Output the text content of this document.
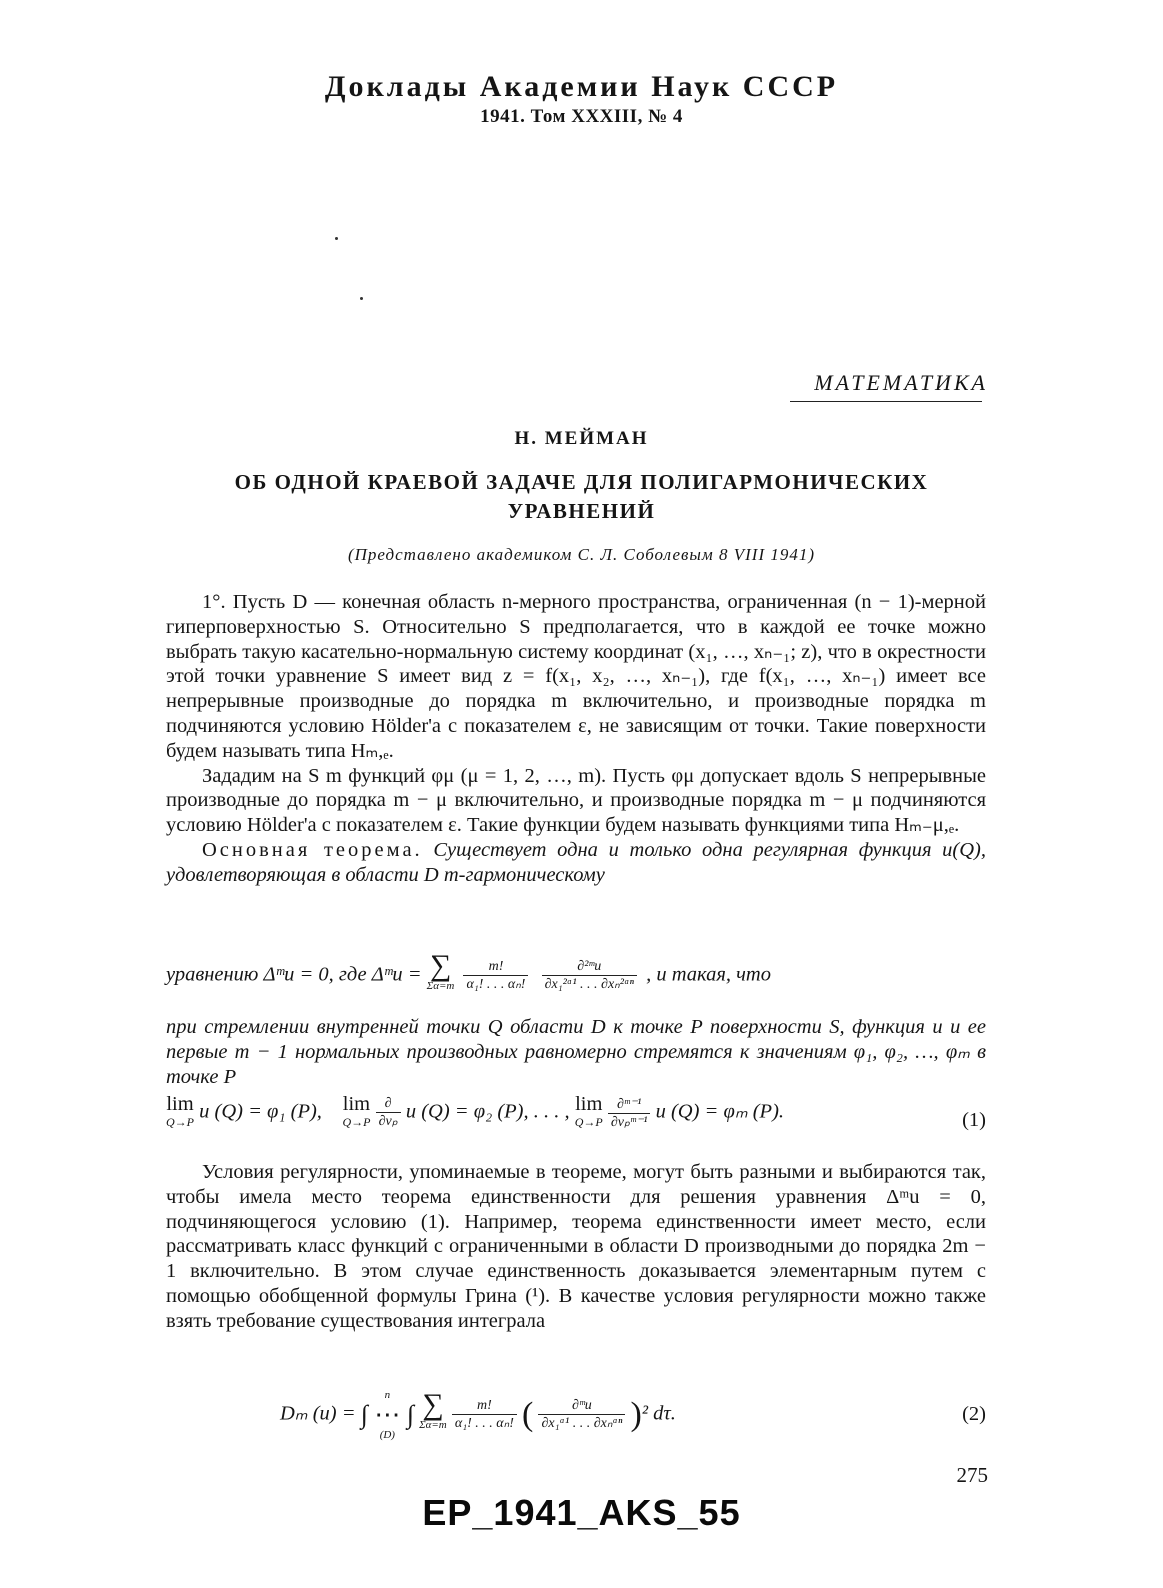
Доклады Академии Наук СССР
1941. Том XXXIII, № 4
МАТЕМАТИКА
Н. МЕЙМАН
ОБ ОДНОЙ КРАЕВОЙ ЗАДАЧЕ ДЛЯ ПОЛИГАРМОНИЧЕСКИХ
УРАВНЕНИЙ
(Представлено академиком С. Л. Соболевым 8 VIII 1941)

1°. Пусть D — конечная область n-мерного пространства, ограниченная (n − 1)-мерной гиперповерхностью S. Относительно S предполагается, что в каждой ее точке можно выбрать такую касательно-нормальную систему координат (x₁, …, xₙ₋₁; z), что в окрестности этой точки уравнение S имеет вид z = f(x₁, x₂, …, xₙ₋₁), где f(x₁, …, xₙ₋₁) имеет все непрерывные производные до порядка m включительно, и производные порядка m подчиняются условию Hölder'а с показателем ε, не зависящим от точки. Такие поверхности будем называть типа Hₘ,ₑ.

Зададим на S m функций φμ (μ = 1, 2, …, m). Пусть φμ допускает вдоль S непрерывные производные до порядка m − μ включительно, и производные порядка m − μ подчиняются условию Hölder'а с показателем ε. Такие функции будем называть функциями типа Hₘ₋μ,ₑ.

Основная теорема. Существует одна и только одна регулярная функция u(Q), удовлетворяющая в области D m-гармоническому

уравнению Δᵐu = 0, где Δᵐu = ∑
Σα=m
$\frac{m!}{\text{α₁! . . . αₙ!}}$
$\frac{\text{∂²ᵐu}}{\text{∂x₁²ᵅ¹ . . . ∂xₙ²ᵅⁿ}}$ , и такая, что
при стремлении внутренней точки Q области D к точке P поверхности S, функция u и ее первые m − 1 нормальных производных равномерно стремятся к значениям φ₁, φ₂, …, φₘ в точке P
lim
Q→P u (Q) = φ₁ (P), lim
Q→P
$\frac{\partial}{\text{∂νₚ}}$ u (Q) = φ₂ (P), . . . , lim
Q→P
$\frac{\text{∂ᵐ⁻¹}}{\text{∂νₚᵐ⁻¹}}$ u (Q) = φₘ (P).	(1)

Условия регулярности, упоминаемые в теореме, могут быть разными и выбираются так, чтобы имела место теорема единственности для решения уравнения Δᵐu = 0, подчиняющегося условию (1). Например, теорема единственности имеет место, если рассматривать класс функций с ограниченными в области D производными до порядка 2m − 1 включительно. В этом случае единственность доказывается элементарным путем с помощью обобщенной формулы Грина (¹). В качестве условия регулярности можно также взять требование существования интеграла

Dₘ (u) =
n
∫ ⋯ ∫
(D)

∑
Σα=m
$\frac{m!}{\text{α₁! . . . αₙ!}}$ ( $\frac{\text{∂ᵐu}}{\text{∂x₁ᵅ¹ . . . ∂xₙᵅⁿ}} )^2$ dτ.	(2)
275
EP_1941_AKS_55
